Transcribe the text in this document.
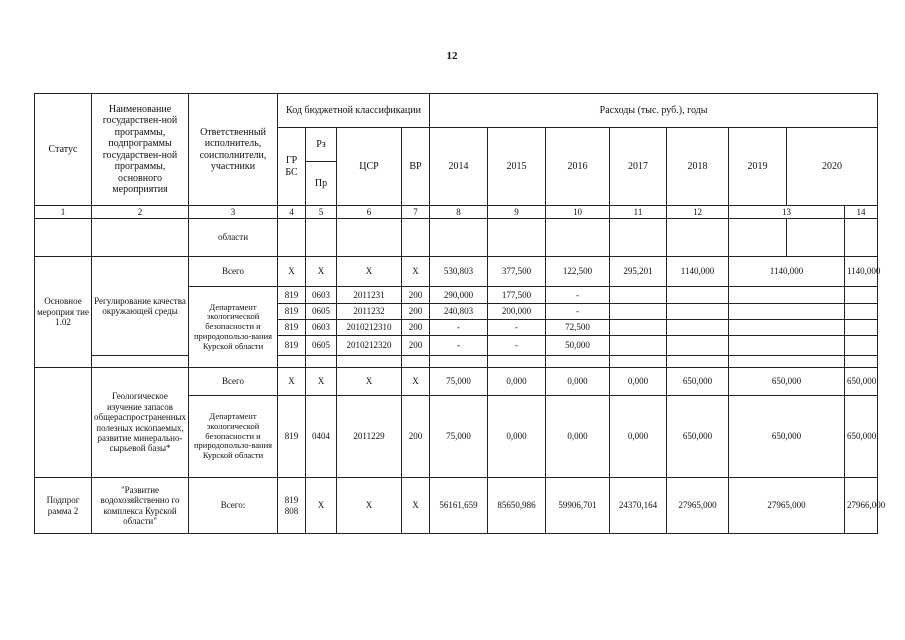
12
Статус	Наименование государствен-ной программы, подпрограммы государствен-ной программы, основного мероприятия	Ответственный исполнитель, соисполнители, участники	Код бюджетной классификации				Расходы (тыс. руб.), годы							
			ГР БС	Рз	ЦСР	ВР	2014	2015	2016	2017	2018	2019	2020	
				Пр										
1	2	3	4	5	6	7	8	9	10	11	12	13		14
		области												
Основное мероприя тие 1.02	Регулирование качества окружающей среды	Всего	Х	Х	Х	Х	530,803	377,500	122,500	295,201	1140,000	1140,000		1140,000
		Департамент экологической безопасности и природопользо-вания Курской области	819	0603	2011231	200	290,000	177,500	-					
			819	0605	2011232	200	240,803	200,000	-					
			819	0603	2010212310	200	-	-	72,500					
			819	0605	2010212320	200	-	-	50,000					

	Геологическое изучение запасов общераспространенных полезных ископаемых, развитие минерально-сырьевой базы*	Всего	Х	Х	Х	Х	75,000	0,000	0,000	0,000	650,000	650,000		650,000
		Департамент экологической безопасности и природопользо-вания Курской области	819	0404	2011229	200	75,000	0,000	0,000	0,000	650,000	650,000		650,000
Подпрог рамма 2	"Развитие водохозяйственно го комплекса Курской области"	Всего:	819 808	Х	Х	Х	56161,659	85650,986	59906,701	24370,164	27965,000	27965,000		27966,000
